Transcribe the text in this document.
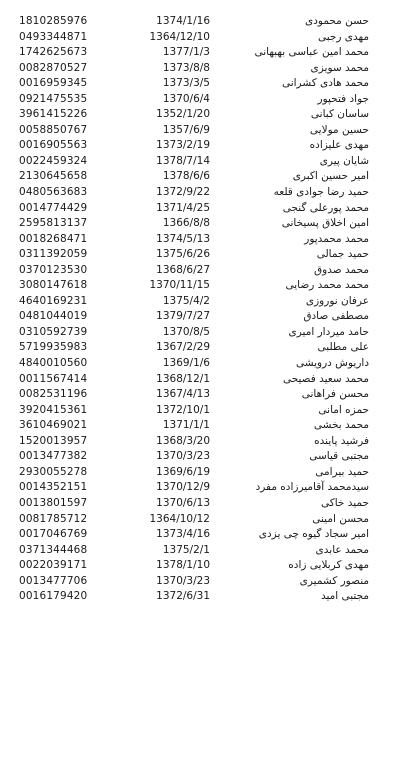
1810285976	1374/1/16	حسن محمودی
0493344871	1364/12/10	مهدی رجبی
1742625673	1377/1/3	محمد امین عباسی بهبهانی
0082870527	1373/8/8	محمد سویزی
0016959345	1373/3/5	محمد هادی کشرانی
0921475535	1370/6/4	جواد فتحپور
3961415226	1352/1/20	ساسان کبانی
0058850767	1357/6/9	حسین مولایی
0016905563	1373/2/19	مهدی علیزاده
0022459324	1378/7/14	شایان پیری
2130645658	1378/6/6	امیر حسین اکبری
0480563683	1372/9/22	حمید رضا جوادی قلعه
0014774429	1371/4/25	محمد پورعلی گنجی
2595813137	1366/8/8	امین اخلاق پسیخانی
0018268471	1374/5/13	محمد محمدپور
0311392059	1375/6/26	حمید جمالی
0370123530	1368/6/27	محمد صدوق
3080147618	1370/11/15	محمد محمد رضایی
4640169231	1375/4/2	عرفان نوروزی
0481044019	1379/7/27	مصطفی صادق
0310592739	1370/8/5	حامد میردار امیری
5719935983	1367/2/29	علی مطلبی
4840010560	1369/1/6	داریوش درویشی
0011567414	1368/12/1	محمد سعید فصیحی
0082531196	1367/4/13	محسن فراهانی
3920415361	1372/10/1	حمزه امانی
3610469021	1371/1/1	محمد بخشی
1520013957	1368/3/20	فرشید پاینده
0013477382	1370/3/23	مجتبی قیاسی
2930055278	1369/6/19	حمید بیرامی
0014352151	1370/12/9	سیدمحمد آقامیرزاده مفرد
0013801597	1370/6/13	حمید خاکی
0081785712	1364/10/12	محسن امینی
0017046769	1373/4/16	امیر سجاد گیوه چی یزدی
0371344468	1375/2/1	محمد عابدی
0022039171	1378/1/10	مهدی کربلایی زاده
0013477706	1370/3/23	منصور کشمیری
0016179420	1372/6/31	مجتبی امید
